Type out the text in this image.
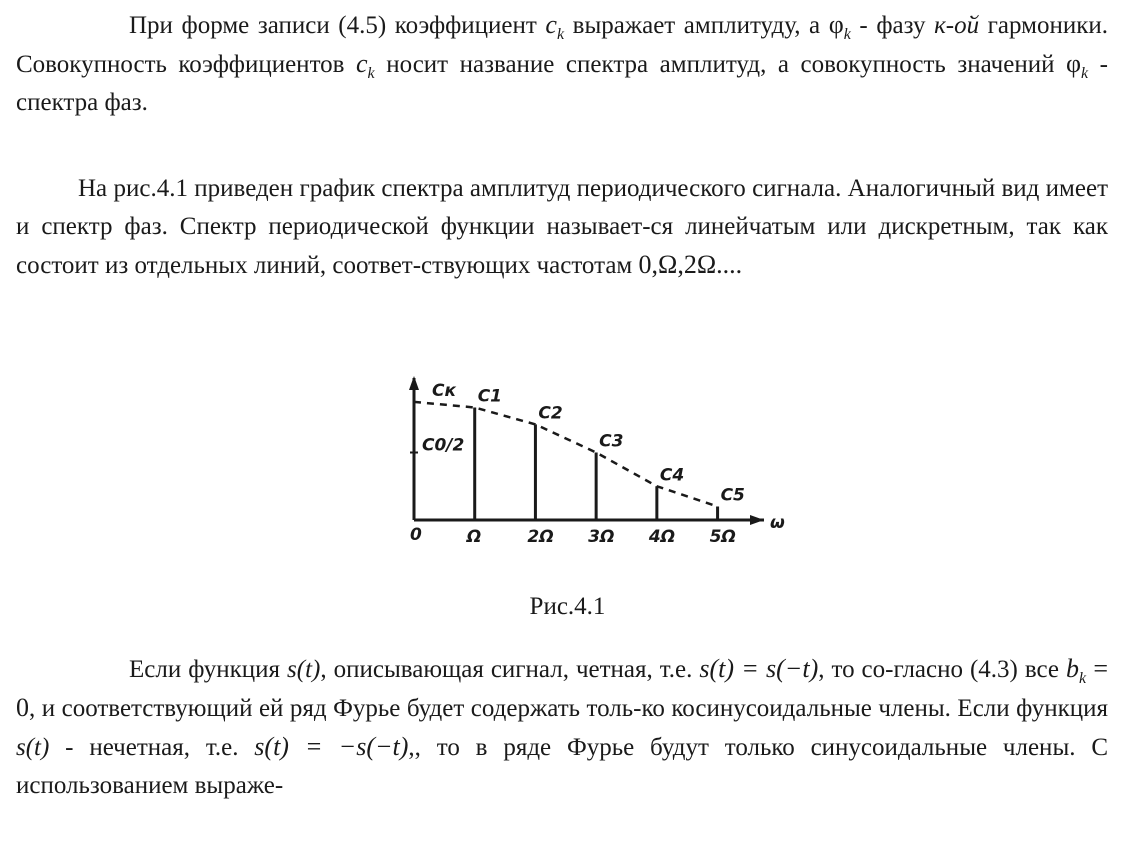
При форме записи (4.5) коэффициент $c_k$ выражает амплитуду, а $\varphi_k$ - фазу к-ой гармоники. Совокупность коэффициентов $c_k$ носит название спектра амплитуд, а совокупность значений $\varphi_k$ - спектра фаз.
На рис.4.1 приведен график спектра амплитуд периодического сигнала. Аналогичный вид имеет и спектр фаз. Спектр периодической функции называет-ся линейчатым или дискретным, так как состоит из отдельных линий, соответ-ствующих частотам 0,Ω,2Ω....
Cк
ω
0
C0/2
C1
Ω
C2
2Ω
C3
3Ω
C4
4Ω
C5
5Ω
Рис.4.1
Если функция s(t), описывающая сигнал, четная, т.е. s(t) = s(−t), то со-гласно (4.3) все $b_k = 0$, и соответствующий ей ряд Фурье будет содержать толь-ко косинусоидальные члены. Если функция s(t) - нечетная, т.е. s(t) = −s(−t),, то в ряде Фурье будут только синусоидальные члены. С использованием выраже-
